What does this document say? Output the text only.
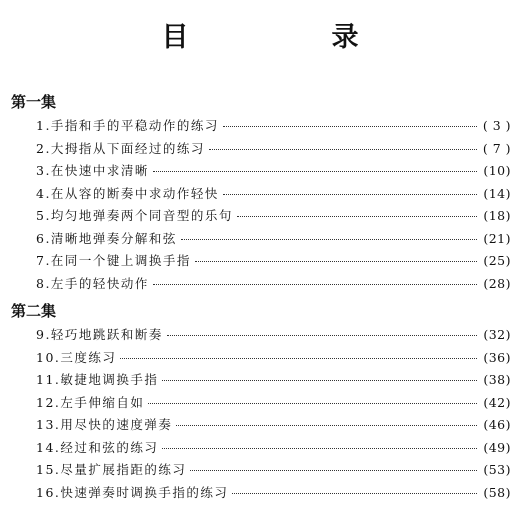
目　录
第一集
1.手指和手的平稳动作的练习	( 3 )
2.大拇指从下面经过的练习	( 7 )
3.在快速中求清晰	(10)
4.在从容的断奏中求动作轻快	(14)
5.均匀地弹奏两个同音型的乐句	(18)
6.清晰地弹奏分解和弦	(21)
7.在同一个键上调换手指	(25)
8.左手的轻快动作	(28)
第二集
9.轻巧地跳跃和断奏	(32)
10.三度练习	(36)
11.敏捷地调换手指	(38)
12.左手伸缩自如	(42)
13.用尽快的速度弹奏	(46)
14.经过和弦的练习	(49)
15.尽量扩展指距的练习	(53)
16.快速弹奏时调换手指的练习	(58)
